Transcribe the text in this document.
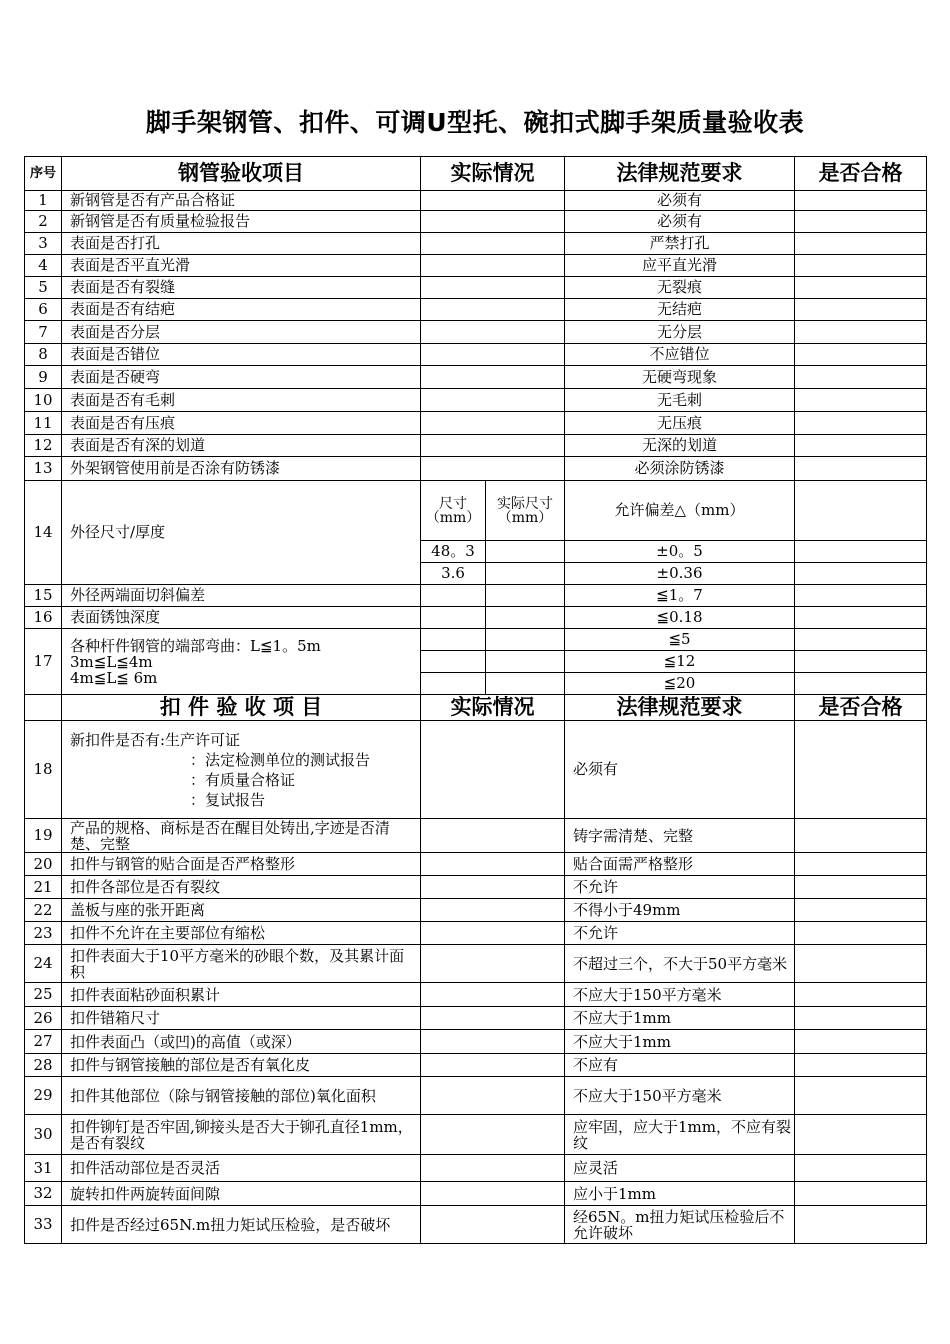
脚手架钢管、扣件、可调U型托、碗扣式脚手架质量验收表
序号	钢管验收项目	实际情况		法律规范要求	是否合格
1	新钢管是否有产品合格证			必须有	
2	新钢管是否有质量检验报告			必须有	
3	表面是否打孔			严禁打孔	
4	表面是否平直光滑			应平直光滑	
5	表面是否有裂缝			无裂痕	
6	表面是否有结疤			无结疤	
7	表面是否分层			无分层	
8	表面是否错位			不应错位	
9	表面是否硬弯			无硬弯现象	
10	表面是否有毛刺			无毛刺	
11	表面是否有压痕			无压痕	
12	表面是否有深的划道			无深的划道	
13	外架钢管使用前是否涂有防锈漆			必须涂防锈漆	
14	外径尺寸/厚度	尺寸（mm）	实际尺寸（mm）	允许偏差△（mm）	
		48。3		±0。5	
		3.6		±0.36	
15	外径两端面切斜偏差			≦1。7	
16	表面锈蚀深度			≦0.18	
17	各种杆件钢管的端部弯曲：L≦1。5m
3m≦L≦4m
4m≦L≦ 6m			≦5	
				≦12	
				≦20	
	扣 件 验 收 项 目	实际情况		法律规范要求	是否合格
18	新扣件是否有:生产许可证

：法定检测单位的测试报告
：有质量合格证
：复试报告			必须有	
19	产品的规格、商标是否在醒目处铸出,字迹是否清楚、完整			铸字需清楚、完整	
20	扣件与钢管的贴合面是否严格整形			贴合面需严格整形	
21	扣件各部位是否有裂纹			不允许	
22	盖板与座的张开距离			不得小于49mm	
23	扣件不允许在主要部位有缩松			不允许	
24	扣件表面大于10平方毫米的砂眼个数，及其累计面积			不超过三个，不大于50平方毫米	
25	扣件表面粘砂面积累计			不应大于150平方毫米	
26	扣件错箱尺寸			不应大于1mm	
27	扣件表面凸（或凹)的高值（或深）			不应大于1mm	
28	扣件与钢管接触的部位是否有氧化皮			不应有	
29	扣件其他部位（除与钢管接触的部位)氧化面积			不应大于150平方毫米	
30	扣件铆钉是否牢固,铆接头是否大于铆孔直径1mm，是否有裂纹			应牢固，应大于1mm，不应有裂纹	
31	扣件活动部位是否灵活			应灵活	
32	旋转扣件两旋转面间隙			应小于1mm	
33	扣件是否经过65N.m扭力矩试压检验，是否破坏			经65N。m扭力矩试压检验后不允许破坏	
